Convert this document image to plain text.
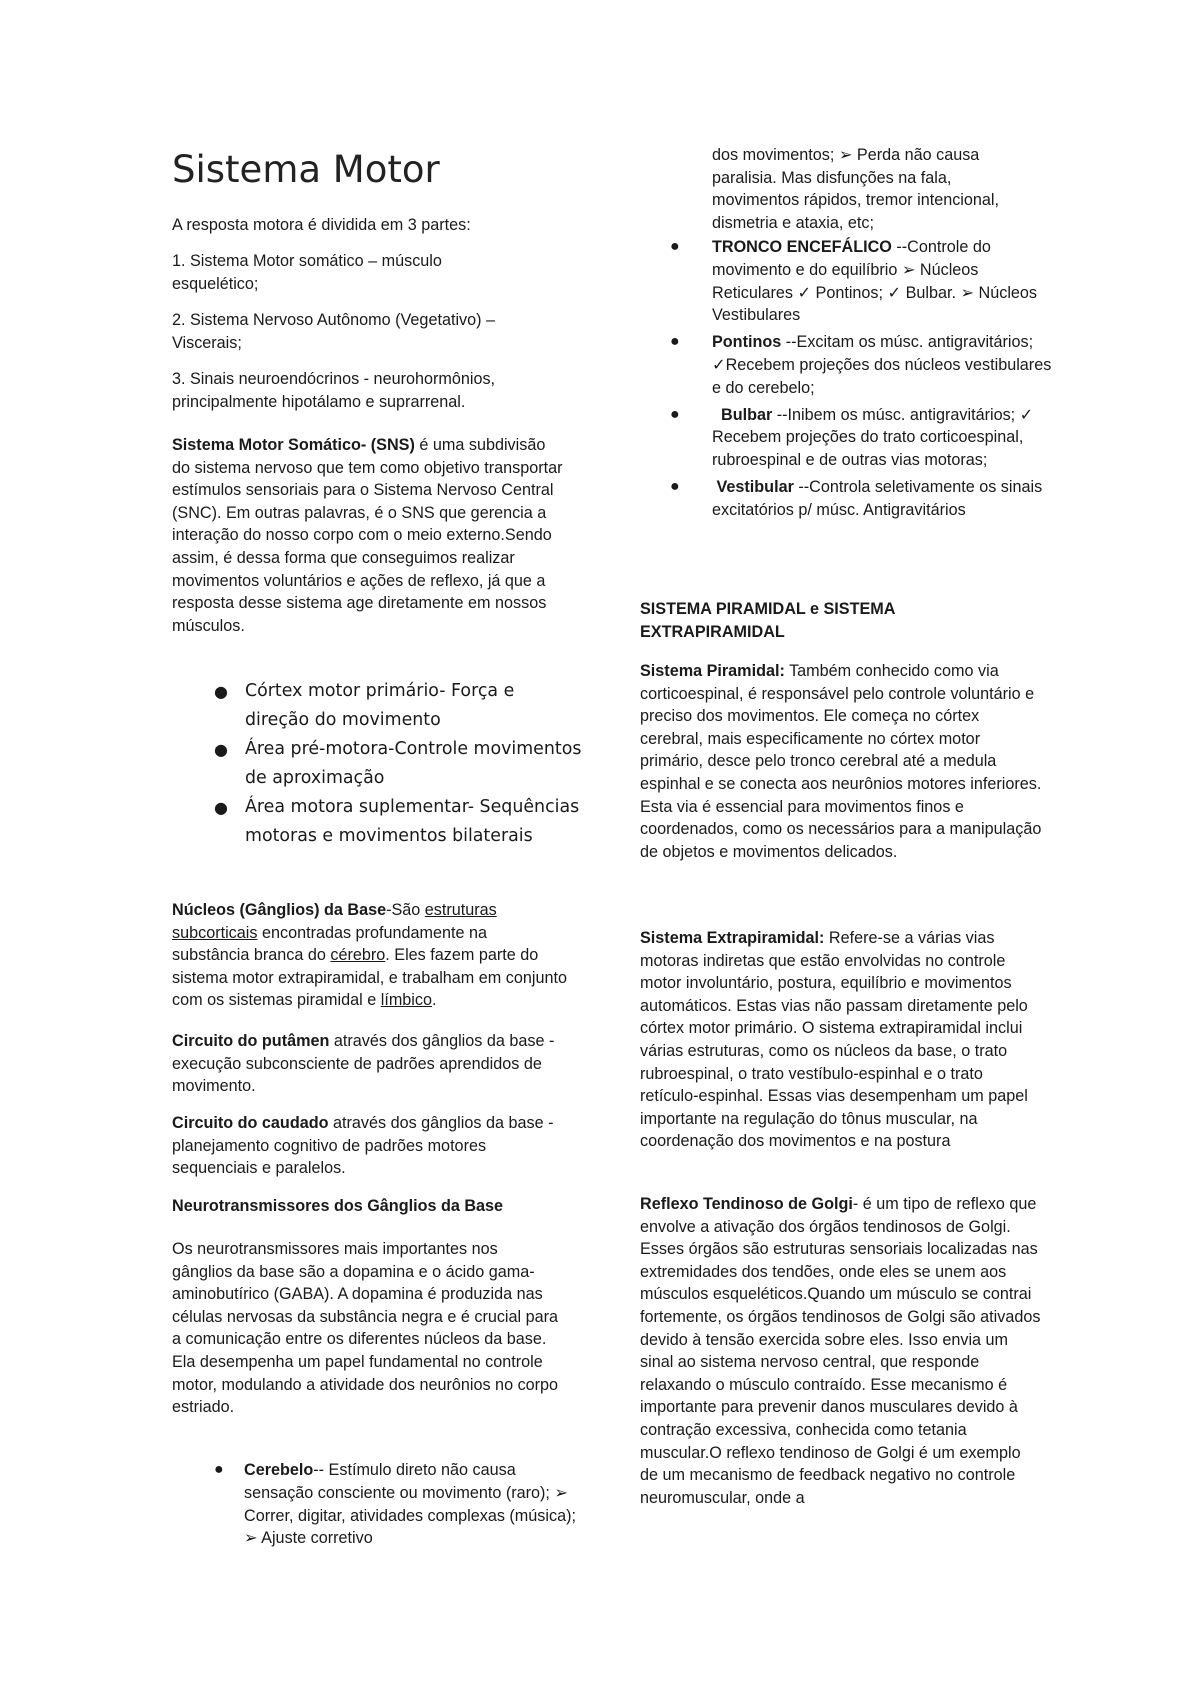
Sistema Motor

A resposta motora é dividida em 3 partes:

1. Sistema Motor somático – músculo esquelético;

2. Sistema Nervoso Autônomo (Vegetativo) – Viscerais;

3. Sinais neuroendócrinos - neurohormônios, principalmente hipotálamo e suprarrenal.

Sistema Motor Somático- (SNS) é uma subdivisão do sistema nervoso que tem como objetivo transportar estímulos sensoriais para o Sistema Nervoso Central (SNC). Em outras palavras, é o SNS que gerencia a interação do nosso corpo com o meio externo.Sendo assim, é dessa forma que conseguimos realizar movimentos voluntários e ações de reflexo, já que a resposta desse sistema age diretamente em nossos músculos.

● Córtex motor primário- Força e direção do movimento
● Área pré-motora-Controle movimentos de aproximação
● Área motora suplementar- Sequências motoras e movimentos bilaterais

Núcleos (Gânglios) da Base-São estruturas subcorticais encontradas profundamente na substância branca do cérebro. Eles fazem parte do sistema motor extrapiramidal, e trabalham em conjunto com os sistemas piramidal e límbico.

Circuito do putâmen através dos gânglios da base - execução subconsciente de padrões aprendidos de movimento.

Circuito do caudado através dos gânglios da base - planejamento cognitivo de padrões motores sequenciais e paralelos.

Neurotransmissores dos Gânglios da Base

Os neurotransmissores mais importantes nos gânglios da base são a dopamina e o ácido gama-aminobutírico (GABA). A dopamina é produzida nas células nervosas da substância negra e é crucial para a comunicação entre os diferentes núcleos da base. Ela desempenha um papel fundamental no controle motor, modulando a atividade dos neurônios no corpo estriado.

● Cerebelo-- Estímulo direto não causa sensação consciente ou movimento (raro); ➢ Correr, digitar, atividades complexas (música); ➢ Ajuste corretivo

dos movimentos; ➢ Perda não causa paralisia. Mas disfunções na fala, movimentos rápidos, tremor intencional, dismetria e ataxia, etc;

● TRONCO ENCEFÁLICO --Controle do movimento e do equilíbrio ➢ Núcleos Reticulares ✓ Pontinos; ✓ Bulbar. ➢ Núcleos Vestibulares
● Pontinos --Excitam os músc. antigravitários; ✓Recebem projeções dos núcleos vestibulares e do cerebelo;
●	Bulbar --Inibem os músc. antigravitários; ✓ Recebem projeções do trato corticoespinal, rubroespinal e de outras vias motoras;
● Vestibular --Controla seletivamente os sinais excitatórios p/ músc. Antigravitários

SISTEMA PIRAMIDAL e SISTEMA EXTRAPIRAMIDAL

Sistema Piramidal: Também conhecido como via corticoespinal, é responsável pelo controle voluntário e preciso dos movimentos. Ele começa no córtex cerebral, mais especificamente no córtex motor primário, desce pelo tronco cerebral até a medula espinhal e se conecta aos neurônios motores inferiores. Esta via é essencial para movimentos finos e coordenados, como os necessários para a manipulação de objetos e movimentos delicados.

Sistema Extrapiramidal: Refere-se a várias vias motoras indiretas que estão envolvidas no controle motor involuntário, postura, equilíbrio e movimentos automáticos. Estas vias não passam diretamente pelo córtex motor primário. O sistema extrapiramidal inclui várias estruturas, como os núcleos da base, o trato rubroespinal, o trato vestíbulo-espinhal e o trato retículo-espinhal. Essas vias desempenham um papel importante na regulação do tônus muscular, na coordenação dos movimentos e na postura

Reflexo Tendinoso de Golgi- é um tipo de reflexo que envolve a ativação dos órgãos tendinosos de Golgi. Esses órgãos são estruturas sensoriais localizadas nas extremidades dos tendões, onde eles se unem aos músculos esqueléticos.Quando um músculo se contrai fortemente, os órgãos tendinosos de Golgi são ativados devido à tensão exercida sobre eles. Isso envia um sinal ao sistema nervoso central, que responde relaxando o músculo contraído. Esse mecanismo é importante para prevenir danos musculares devido à contração excessiva, conhecida como tetania muscular.O reflexo tendinoso de Golgi é um exemplo de um mecanismo de feedback negativo no controle neuromuscular, onde a
